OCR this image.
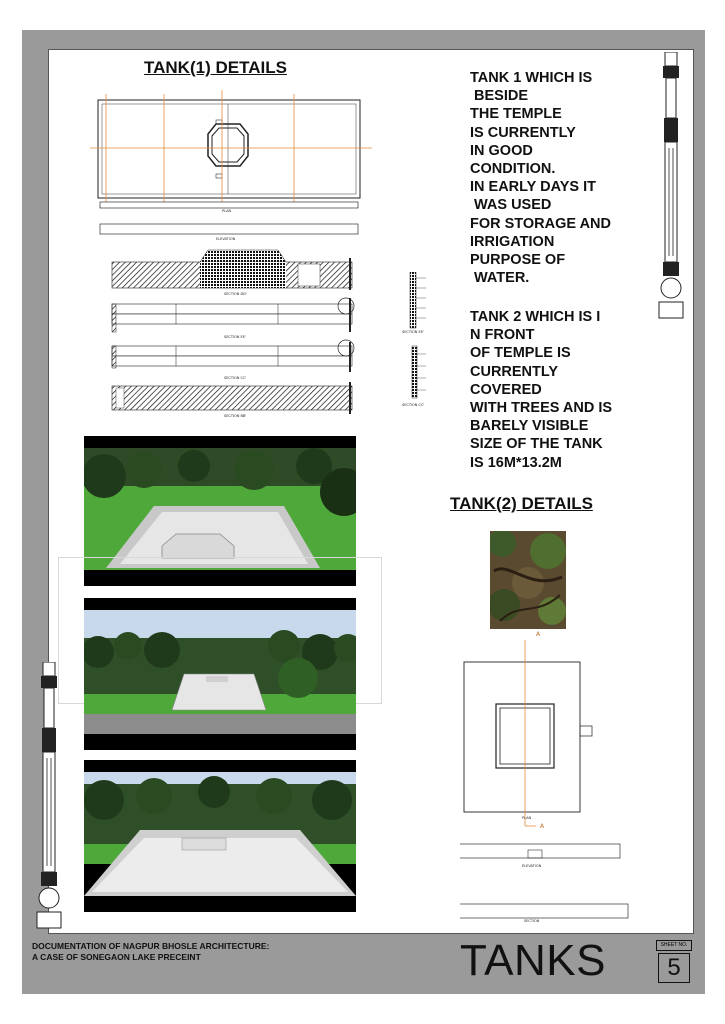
TANK(1) DETAILS
TANK(2) DETAILS
TANK 1 WHICH IS
BESIDE
THE TEMPLE
IS CURRENTLY
IN GOOD
CONDITION.
IN EARLY DAYS IT
WAS USED
FOR STORAGE AND
IRRIGATION
PURPOSE OF
WATER.
TANK 2 WHICH IS I
N FRONT
OF TEMPLE IS
CURRENTLY
COVERED
WITH TREES AND IS
BARELY VISIBLE
SIZE OF THE TANK
IS 16M*13.2M
PLAN
ELEVATION
SECTION DD'
SECTION EE'
SECTION CC'
SECTION BB'
SECTION EE'
SECTION CC'
A
A
PLAN
ELEVATION
SECTION
DOCUMENTATION OF NAGPUR BHOSLE ARCHITECTURE:
A CASE OF SONEGAON LAKE PRECEINT	TANKS	SHEET NO.
5
